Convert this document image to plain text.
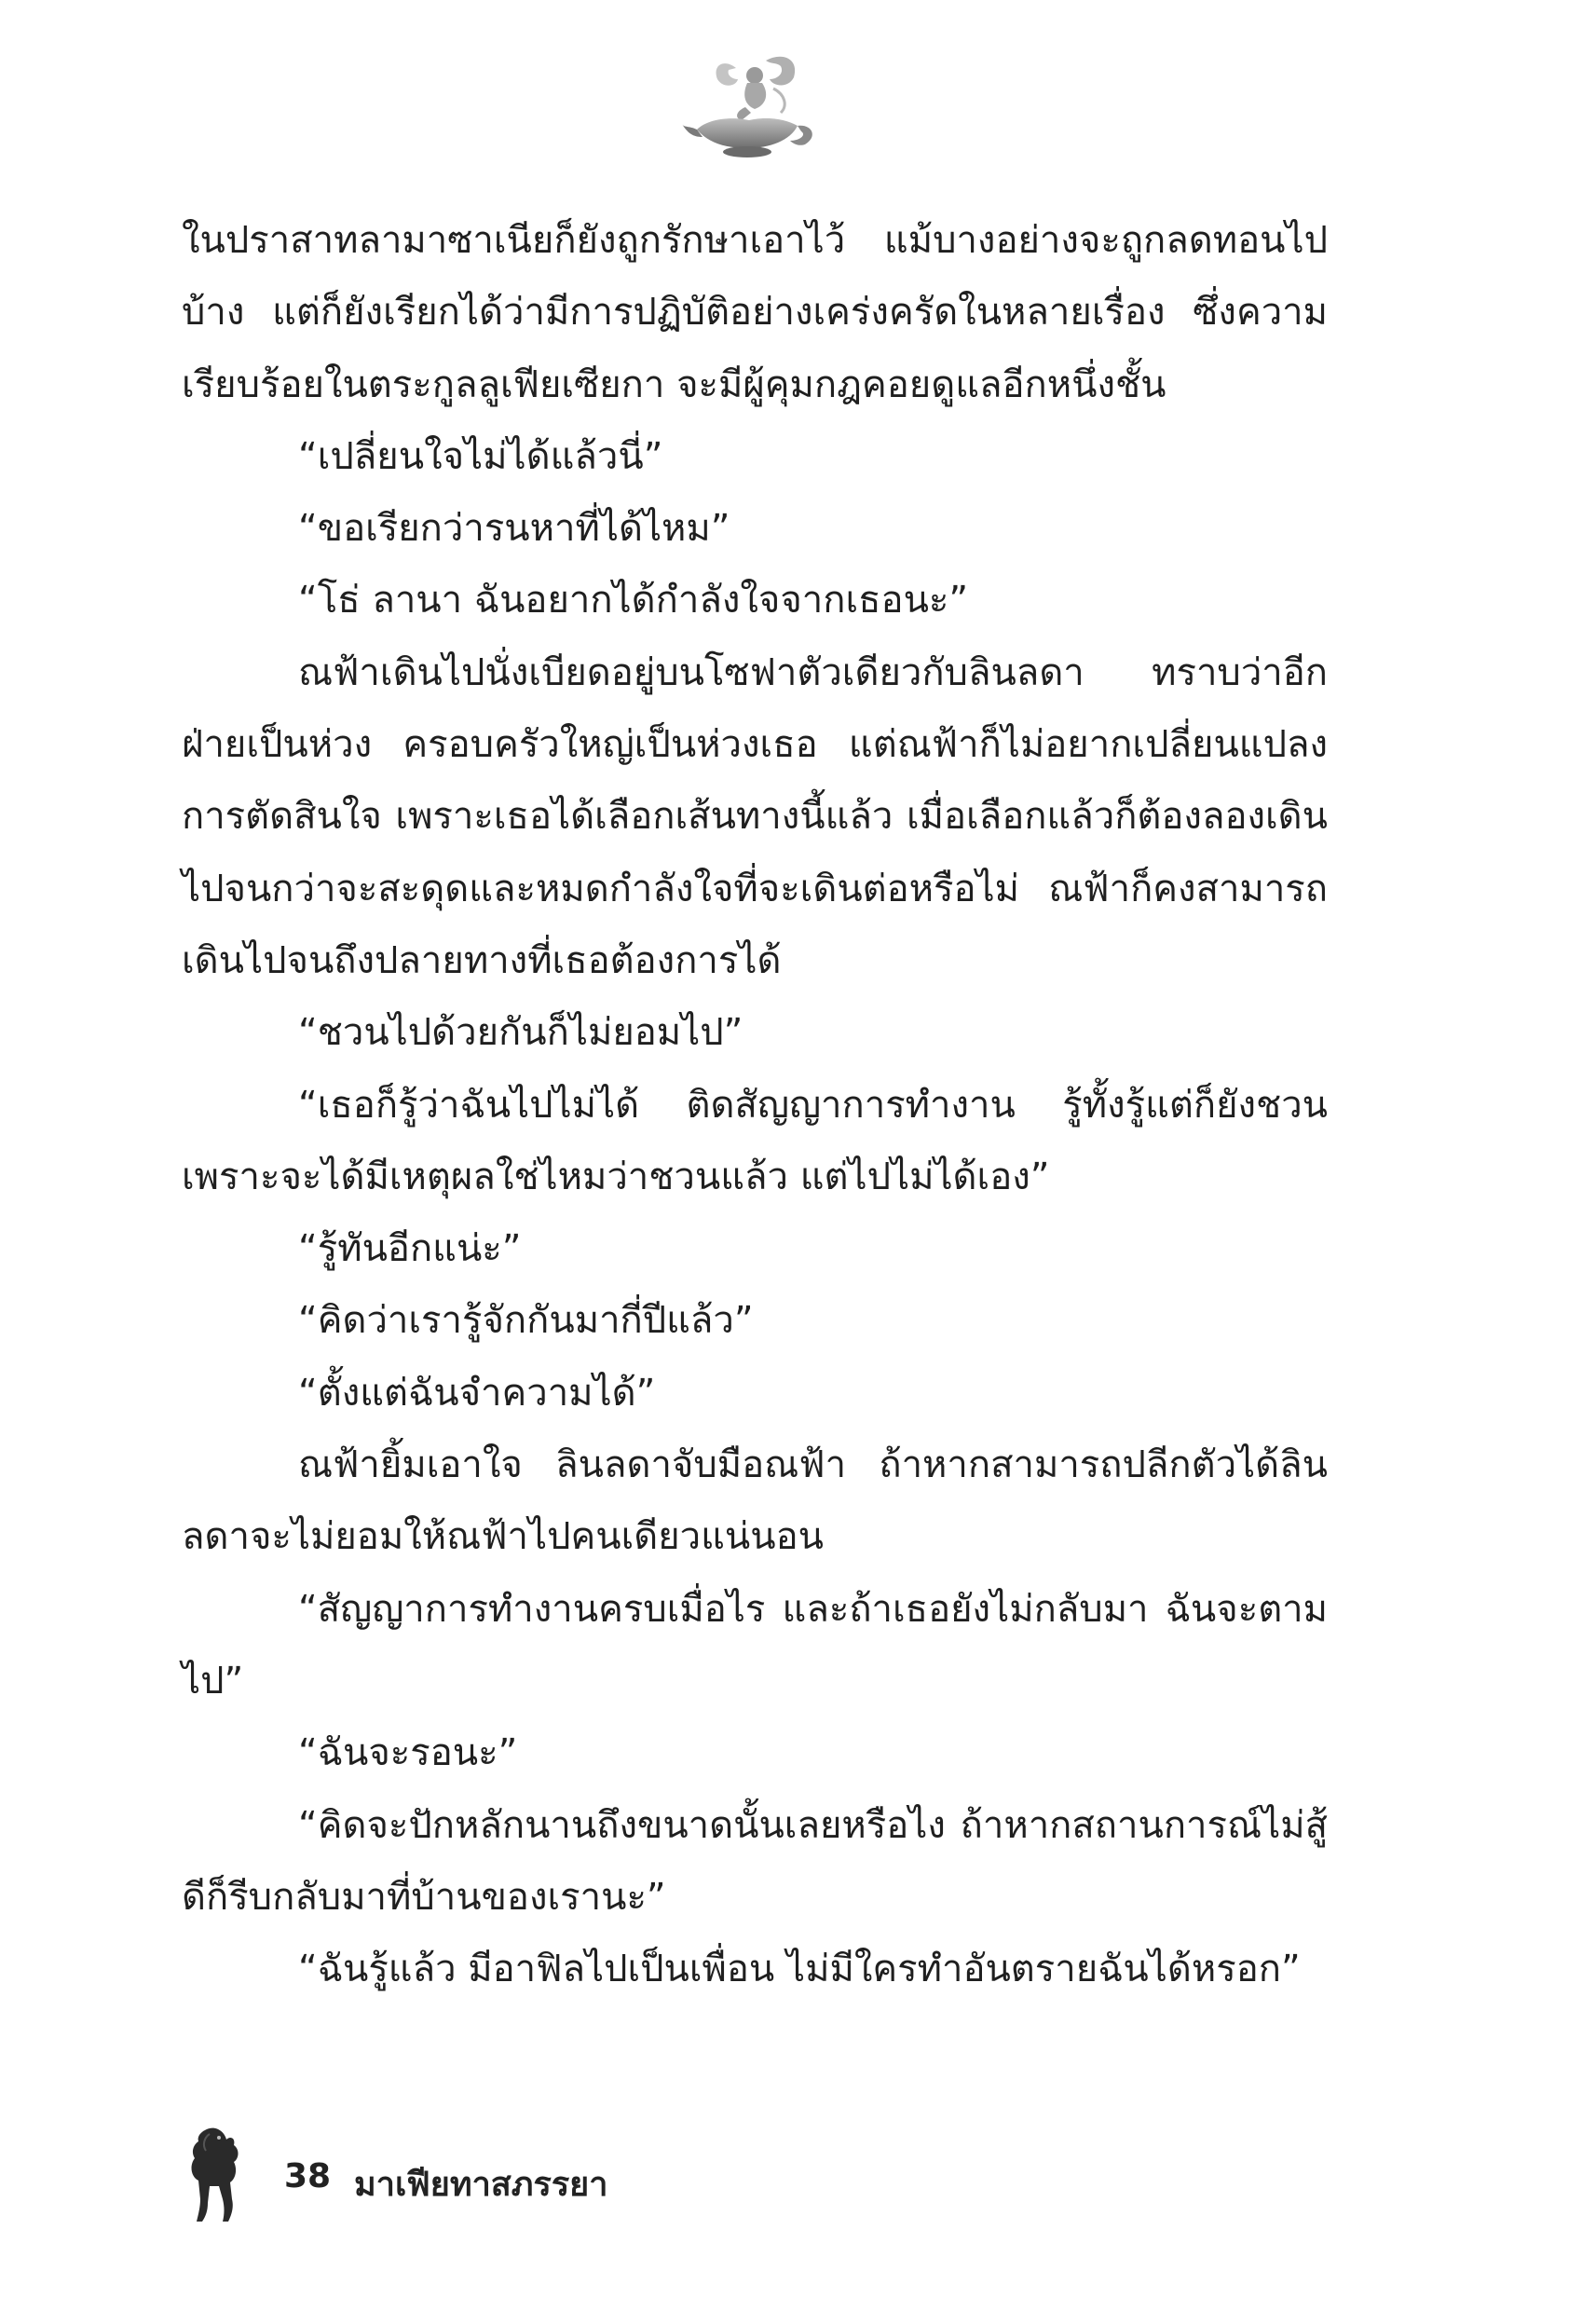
ในปราสาทลามาซาเนียก็ยังถูกรักษาเอาไว้ แม้บางอย่างจะถูกลดทอนไปบ้าง แต่ก็ยังเรียกได้ว่ามีการปฏิบัติอย่างเคร่งครัดในหลายเรื่อง ซึ่งความเรียบร้อยในตระกูลลูเฟียเซียกา จะมีผู้คุมกฎคอยดูแลอีกหนึ่งชั้น

“เปลี่ยนใจไม่ได้แล้วนี่”

“ขอเรียกว่ารนหาที่ได้ไหม”

“โธ่ ลานา ฉันอยากได้กำลังใจจากเธอนะ”

ณฟ้าเดินไปนั่งเบียดอยู่บนโซฟาตัวเดียวกับลินลดา ทราบว่าอีกฝ่ายเป็นห่วง ครอบครัวใหญ่เป็นห่วงเธอ แต่ณฟ้าก็ไม่อยากเปลี่ยนแปลงการตัดสินใจ เพราะเธอได้เลือกเส้นทางนี้แล้ว เมื่อเลือกแล้วก็ต้องลองเดินไปจนกว่าจะสะดุดและหมดกำลังใจที่จะเดินต่อหรือไม่ ณฟ้าก็คงสามารถเดินไปจนถึงปลายทางที่เธอต้องการได้

“ชวนไปด้วยกันก็ไม่ยอมไป”

“เธอก็รู้ว่าฉันไปไม่ได้ ติดสัญญาการทำงาน รู้ทั้งรู้แต่ก็ยังชวนเพราะจะได้มีเหตุผลใช่ไหมว่าชวนแล้ว แต่ไปไม่ได้เอง”

“รู้ทันอีกแน่ะ”

“คิดว่าเรารู้จักกันมากี่ปีแล้ว”

“ตั้งแต่ฉันจำความได้”

ณฟ้ายิ้มเอาใจ ลินลดาจับมือณฟ้า ถ้าหากสามารถปลีกตัวได้ลินลดาจะไม่ยอมให้ณฟ้าไปคนเดียวแน่นอน

“สัญญาการทำงานครบเมื่อไร และถ้าเธอยังไม่กลับมา ฉันจะตามไป”

“ฉันจะรอนะ”

“คิดจะปักหลักนานถึงขนาดนั้นเลยหรือไง ถ้าหากสถานการณ์ไม่สู้ดีก็รีบกลับมาที่บ้านของเรานะ”

“ฉันรู้แล้ว มีอาฟิลไปเป็นเพื่อน ไม่มีใครทำอันตรายฉันได้หรอก”

38 มาเฟียทาสภรรยา
